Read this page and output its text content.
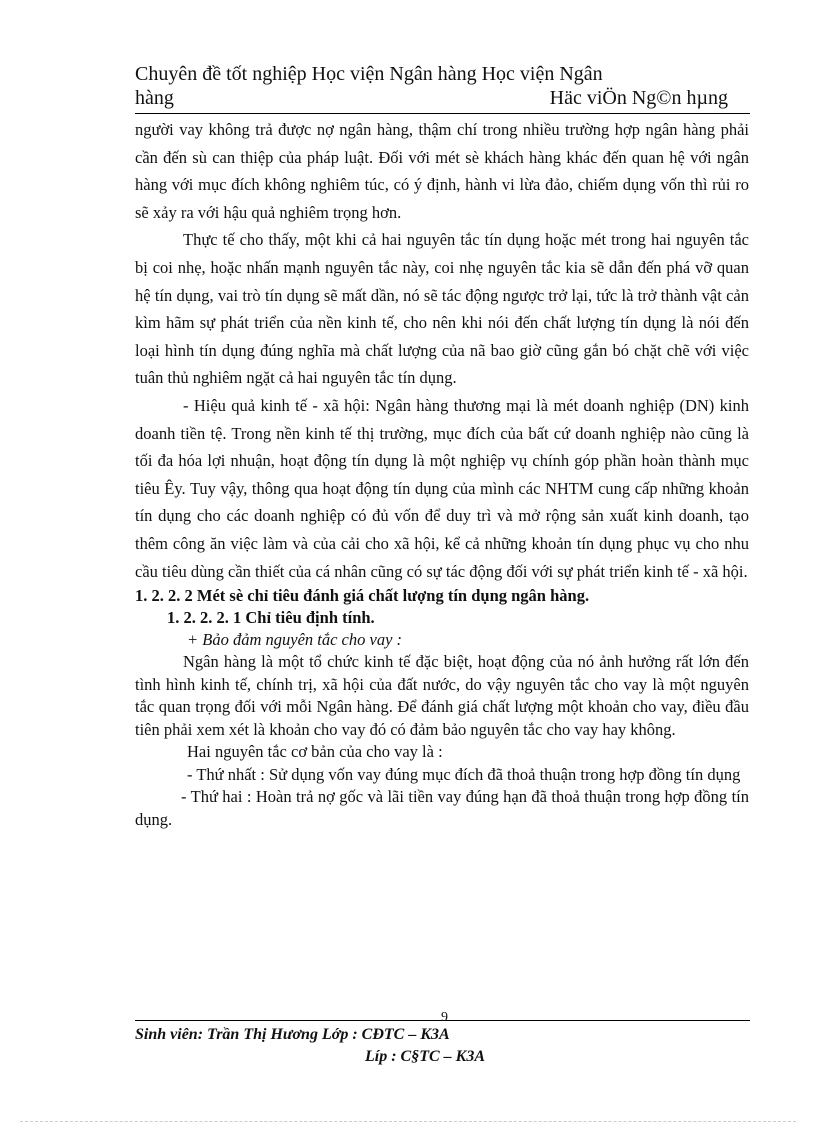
Chuyên đề tốt nghiệp Học viện Ngân hàng Học viện Ngân
hàng	Häc viÖn Ng©n hµng

người vay không trả được nợ ngân hàng, thậm chí trong nhiều trường hợp ngân hàng phải cần đến sù can thiệp của pháp luật. Đối với mét sè khách hàng khác đến quan hệ với ngân hàng với mục đích không nghiêm túc, có ý định, hành vi lừa đảo, chiếm dụng vốn thì rủi ro sẽ xảy ra với hậu quả nghiêm trọng hơn.

Thực tế cho thấy, một khi cả hai nguyên tắc tín dụng hoặc mét trong hai nguyên tắc bị coi nhẹ, hoặc nhấn mạnh nguyên tắc này, coi nhẹ nguyên tắc kia sẽ dẫn đến phá vỡ quan hệ tín dụng, vai trò tín dụng sẽ mất dần, nó sẽ tác động ngược trở lại, tức là trở thành vật cản kìm hãm sự phát triển của nền kinh tế, cho nên khi nói đến chất lượng tín dụng là nói đến loại hình tín dụng đúng nghĩa mà chất lượng của nã bao giờ cũng gắn bó chặt chẽ với việc tuân thủ nghiêm ngặt cả hai nguyên tắc tín dụng.

- Hiệu quả kinh tế - xã hội: Ngân hàng thương mại là mét doanh nghiệp (DN) kinh doanh tiền tệ. Trong nền kinh tế thị trường, mục đích của bất cứ doanh nghiệp nào cũng là tối đa hóa lợi nhuận, hoạt động tín dụng là một nghiệp vụ chính góp phần hoàn thành mục tiêu Êy. Tuy vậy, thông qua hoạt động tín dụng của mình các NHTM cung cấp những khoản tín dụng cho các doanh nghiệp có đủ vốn để duy trì và mở rộng sản xuất kinh doanh, tạo thêm công ăn việc làm và của cải cho xã hội, kể cả những khoản tín dụng phục vụ cho nhu cầu tiêu dùng cần thiết của cá nhân cũng có sự tác động đối với sự phát triển kinh tế - xã hội.

1. 2. 2. 2 Mét sè chỉ tiêu đánh giá chất lượng tín dụng ngân hàng.

1. 2. 2. 2. 1 Chỉ tiêu định tính.

+ Bảo đảm nguyên tắc cho vay :

Ngân hàng là một tổ chức kinh tế đặc biệt, hoạt động của nó ảnh hưởng rất lớn đến tình hình kinh tế, chính trị, xã hội của đất nước, do vậy nguyên tắc cho vay là một nguyên tắc quan trọng đối với mỗi Ngân hàng. Để đánh giá chất lượng một khoản cho vay, điều đầu tiên phải xem xét là khoản cho vay đó có đảm bảo nguyên tắc cho vay hay không.

Hai nguyên tắc cơ bản của cho vay là :

- Thứ nhất : Sử dụng vốn vay đúng mục đích đã thoả thuận trong hợp đồng tín dụng

- Thứ hai : Hoàn trả nợ gốc và lãi tiền vay đúng hạn đã thoả thuận trong hợp đồng tín dụng.

9
Sinh viên: Trần Thị Hương Lớp : CĐTC – K3A
Líp : C§TC – K3A
